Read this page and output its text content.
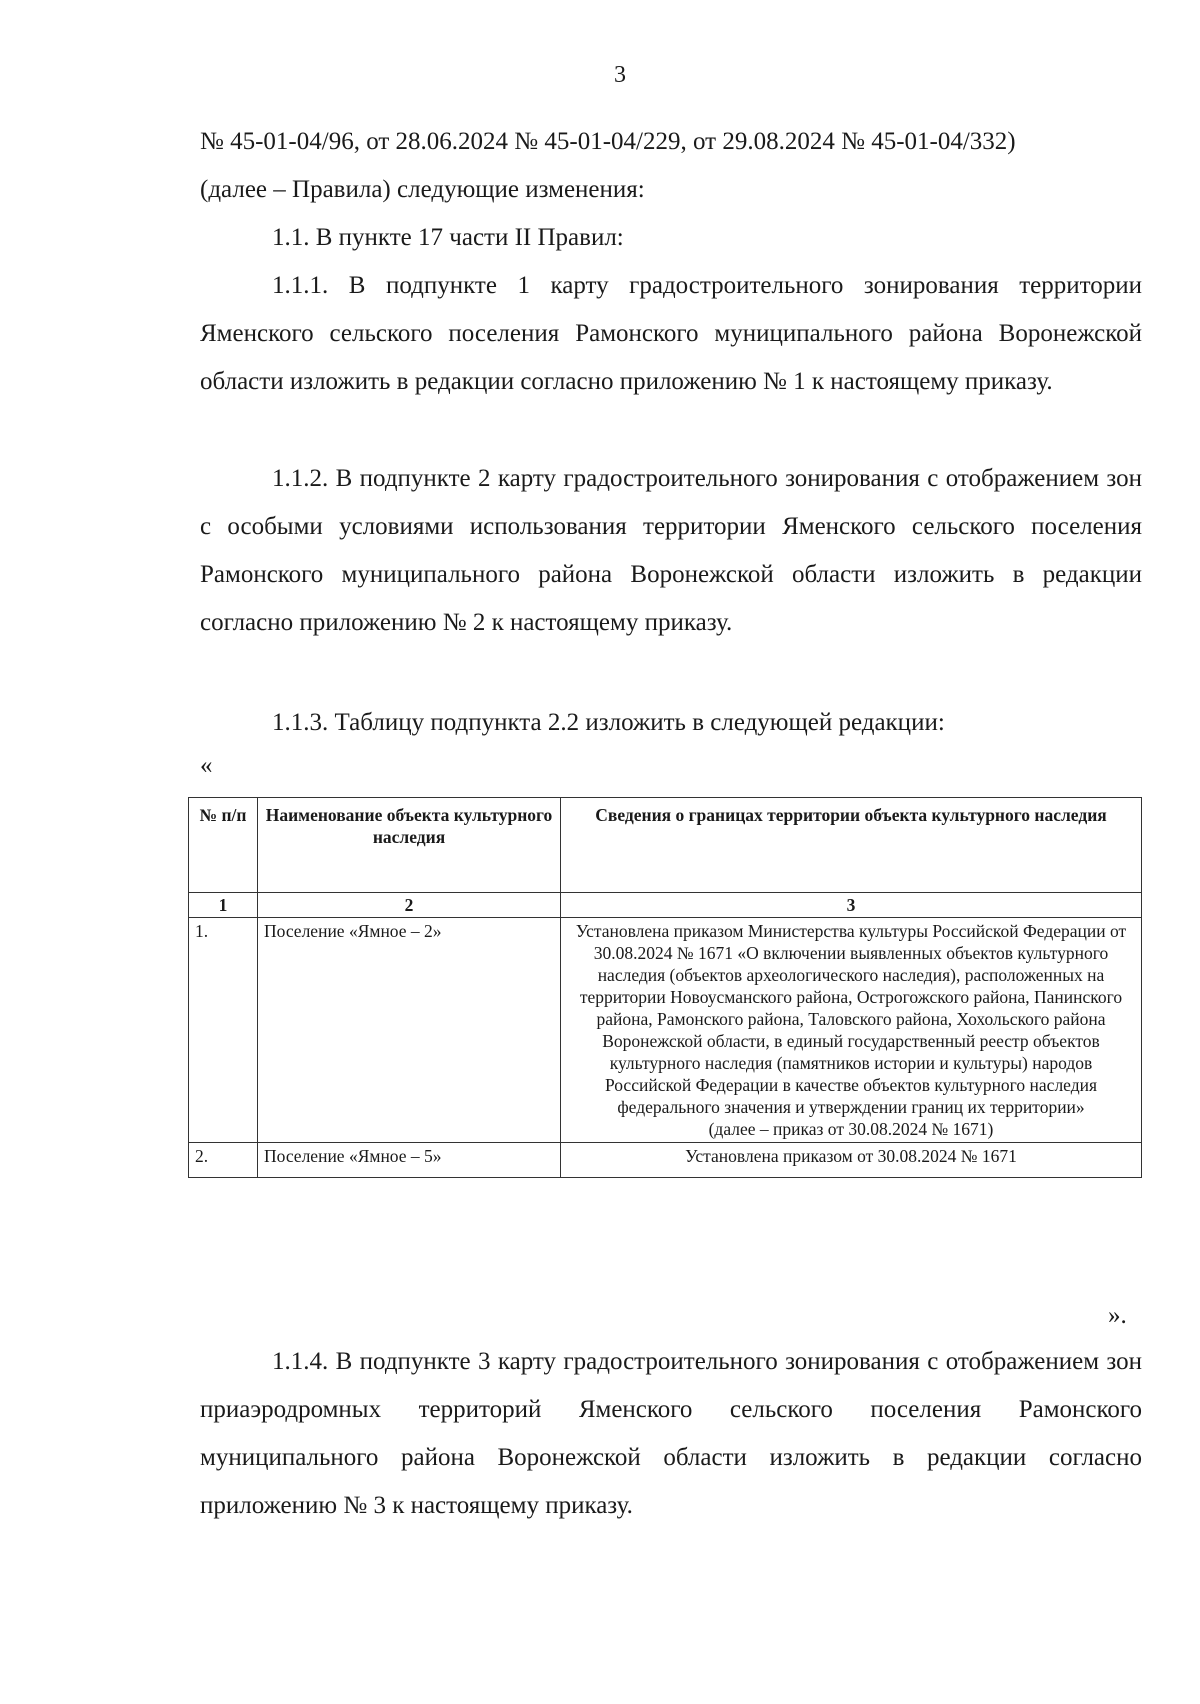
3
№ 45-01-04/96, от 28.06.2024 № 45-01-04/229, от 29.08.2024 № 45-01-04/332)
(далее – Правила) следующие изменения:
1.1. В пункте 17 части II Правил:
1.1.1. В подпункте 1 карту градостроительного зонирования территории Яменского сельского поселения Рамонского муниципального района Воронежской области изложить в редакции согласно приложению № 1 к настоящему приказу.
1.1.2. В подпункте 2 карту градостроительного зонирования с отображением зон с особыми условиями использования территории Яменского сельского поселения Рамонского муниципального района Воронежской области изложить в редакции согласно приложению № 2 к настоящему приказу.
1.1.3. Таблицу подпункта 2.2 изложить в следующей редакции:
«
№ п/п	Наименование объекта культурного наследия	Сведения о границах территории объекта культурного наследия
1	2	3
1.	Поселение «Ямное – 2»	Установлена приказом Министерства культуры Российской Федерации от 30.08.2024 № 1671 «О включении выявленных объектов культурного наследия (объектов археологического наследия), расположенных на территории Новоусманского района, Острогожского района, Панинского района, Рамонского района, Таловского района, Хохольского района Воронежской области, в единый государственный реестр объектов культурного наследия (памятников истории и культуры) народов Российской Федерации в качестве объектов культурного наследия федерального значения и утверждении границ их территории»
(далее – приказ от 30.08.2024 № 1671)
2.	Поселение «Ямное – 5»	Установлена приказом от 30.08.2024 № 1671
».
1.1.4. В подпункте 3 карту градостроительного зонирования с отображением зон приаэродромных территорий Яменского сельского поселения Рамонского муниципального района Воронежской области изложить в редакции согласно приложению № 3 к настоящему приказу.
